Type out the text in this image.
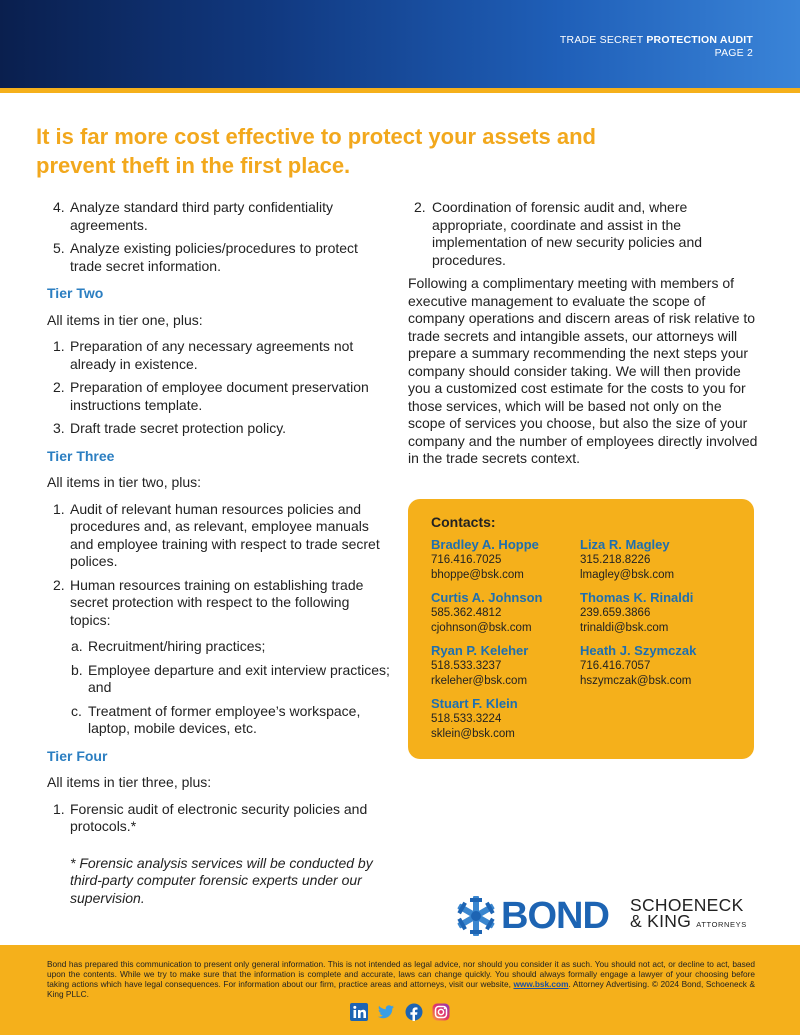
TRADE SECRET PROTECTION AUDIT
PAGE 2
It is far more cost effective to protect your assets and prevent theft in the first place.
4. Analyze standard third party confidentiality agreements.
5. Analyze existing policies/procedures to protect trade secret information.
Tier Two
All items in tier one, plus:
1. Preparation of any necessary agreements not already in existence.
2. Preparation of employee document preservation instructions template.
3. Draft trade secret protection policy.
Tier Three
All items in tier two, plus:
1. Audit of relevant human resources policies and procedures and, as relevant, employee manuals and employee training with respect to trade secret polices.
2. Human resources training on establishing trade secret protection with respect to the following topics:
a. Recruitment/hiring practices;
b. Employee departure and exit interview practices; and
c. Treatment of former employee’s workspace, laptop, mobile devices, etc.
Tier Four
All items in tier three, plus:
1. Forensic audit of electronic security policies and protocols.*
* Forensic analysis services will be conducted by third-party computer forensic experts under our supervision.
2. Coordination of forensic audit and, where appropriate, coordinate and assist in the implementation of new security policies and procedures.

Following a complimentary meeting with members of executive management to evaluate the scope of company operations and discern areas of risk relative to trade secrets and intangible assets, our attorneys will prepare a summary recommending the next steps your company should consider taking. We will then provide you a customized cost estimate for the costs to you for those services, which will be based not only on the scope of services you choose, but also the size of your company and the number of employees directly involved in the trade secrets context.

Contacts:
Bradley A. Hoppe
716.416.7025
bhoppe@bsk.com
Liza R. Magley
315.218.8226
lmagley@bsk.com
Curtis A. Johnson
585.362.4812
cjohnson@bsk.com
Thomas K. Rinaldi
239.659.3866
trinaldi@bsk.com
Ryan P. Keleher
518.533.3237
rkeleher@bsk.com
Heath J. Szymczak
716.416.7057
hszymczak@bsk.com
Stuart F. Klein
518.533.3224
sklein@bsk.com
BOND SCHOENECK
& KING ATTORNEYS

Bond has prepared this communication to present only general information. This is not intended as legal advice, nor should you consider it as such. You should not act, or decline to act, based upon the contents. While we try to make sure that the information is complete and accurate, laws can change quickly. You should always formally engage a lawyer of your choosing before taking actions which have legal consequences. For information about our firm, practice areas and attorneys, visit our website, www.bsk.com. Attorney Advertising. © 2024 Bond, Schoeneck & King PLLC.
